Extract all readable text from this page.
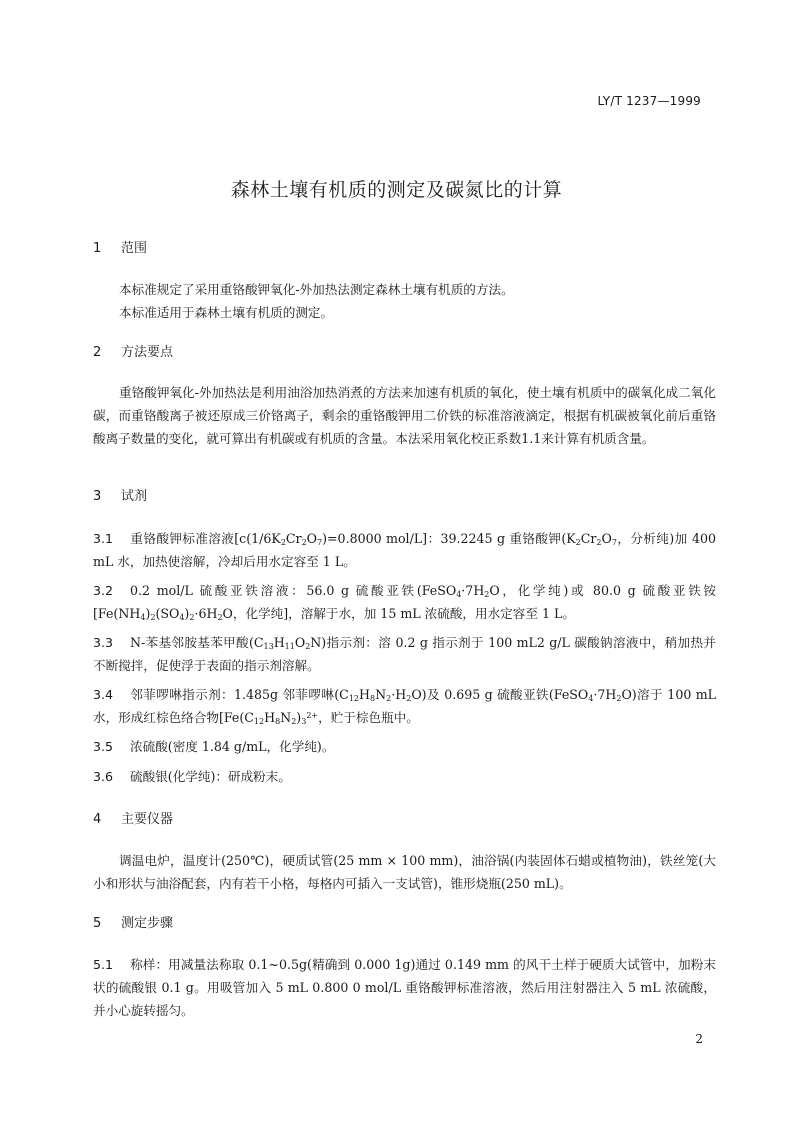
LY/T 1237—1999
森林土壤有机质的测定及碳氮比的计算
1 范围
本标准规定了采用重铬酸钾氧化-外加热法测定森林土壤有机质的方法。
本标准适用于森林土壤有机质的测定。
2 方法要点
重铬酸钾氧化-外加热法是利用油浴加热消煮的方法来加速有机质的氧化，使土壤有机质中的碳氧化成二氧化碳，而重铬酸离子被还原成三价铬离子，剩余的重铬酸钾用二价铁的标准溶液滴定，根据有机碳被氧化前后重铬酸离子数量的变化，就可算出有机碳或有机质的含量。本法采用氧化校正系数1.1来计算有机质含量。
3 试剂
3.1 重铬酸钾标准溶液[$c(1/6K_2Cr_2O_7)=0.8000$ mol/L]：39.2245 g 重铬酸钾($K_2Cr_2O_7$，分析纯)加 400 mL 水，加热使溶解，冷却后用水定容至 1 L。
3.2 0.2 mol/L 硫酸亚铁溶液：56.0 g 硫酸亚铁($FeSO_4\cdot 7H_2O$，化学纯)或 80.0 g 硫酸亚铁铵 [$Fe(NH_4)_2(SO_4)_2\cdot 6H_2O$，化学纯]，溶解于水，加 15 mL 浓硫酸，用水定容至 1 L。
3.3 N-苯基邻胺基苯甲酸$(C_{13}H_{11}O_2N)$指示剂：溶 0.2 g 指示剂于 100 mL2 g/L 碳酸钠溶液中，稍加热并不断搅拌，促使浮于表面的指示剂溶解。
3.4 邻菲啰啉指示剂：1.485g 邻菲啰啉$(C_{12}H_8N_2\cdot H_2O)$及 0.695 g 硫酸亚铁$(FeSO_4\cdot 7H_2O)$溶于 100 mL 水，形成红棕色络合物[$Fe(C_{12}H_8N_2)_3^{2+}$，贮于棕色瓶中。
3.5 浓硫酸(密度 1.84 g/mL，化学纯)。
3.6 硫酸银(化学纯)：研成粉末。
4 主要仪器
调温电炉，温度计(250℃)，硬质试管(25 mm × 100 mm)，油浴锅(内装固体石蜡或植物油)，铁丝笼(大小和形状与油浴配套，内有若干小格，每格内可插入一支试管)，锥形烧瓶(250 mL)。
5 测定步骤
5.1 称样：用减量法称取 0.1~0.5g(精确到 0.000 1g)通过 0.149 mm 的风干土样于硬质大试管中，加粉末状的硫酸银 0.1 g。用吸管加入 5 mL 0.800 0 mol/L 重铬酸钾标准溶液，然后用注射器注入 5 mL 浓硫酸，并小心旋转摇匀。
2
